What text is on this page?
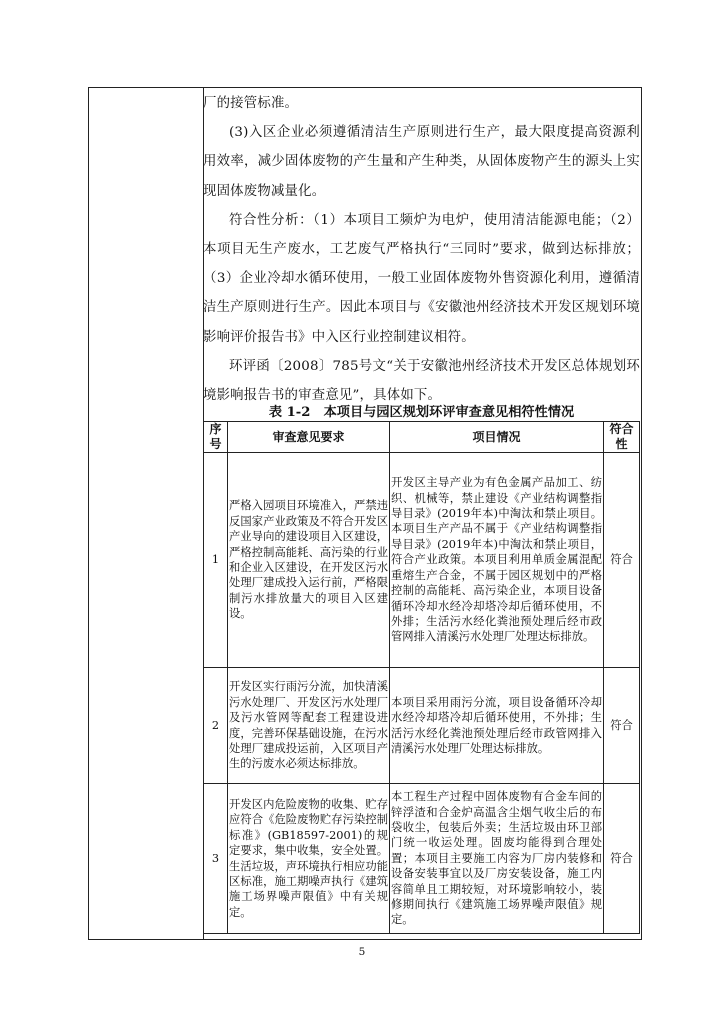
厂的接管标准。

(3)入区企业必须遵循清洁生产原则进行生产，最大限度提高资源利用效率，减少固体废物的产生量和产生种类，从固体废物产生的源头上实现固体废物减量化。

符合性分析：（1）本项目工频炉为电炉，使用清洁能源电能；（2）本项目无生产废水，工艺废气严格执行“三同时”要求，做到达标排放；（3）企业冷却水循环使用，一般工业固体废物外售资源化利用，遵循清洁生产原则进行生产。因此本项目与《安徽池州经济技术开发区规划环境影响评价报告书》中入区行业控制建议相符。

环评函〔2008〕785号文“关于安徽池州经济技术开发区总体规划环境影响报告书的审查意见”，具体如下。

表 1-2　本项目与园区规划环评审查意见相符性情况
序号	审查意见要求	项目情况	符合性
1	严格入园项目环境准入，严禁违反国家产业政策及不符合开发区产业导向的建设项目入区建设，严格控制高能耗、高污染的行业和企业入区建设，在开发区污水处理厂建成投入运行前，严格限制污水排放量大的项目入区建设。	开发区主导产业为有色金属产品加工、纺织、机械等，禁止建设《产业结构调整指导目录》(2019年本)中淘汰和禁止项目。本项目生产产品不属于《产业结构调整指导目录》(2019年本)中淘汰和禁止项目，符合产业政策。本项目利用单质金属混配重熔生产合金，不属于园区规划中的严格控制的高能耗、高污染企业，本项目设备循环冷却水经冷却塔冷却后循环使用，不外排；生活污水经化粪池预处理后经市政管网排入清溪污水处理厂处理达标排放。	符合
2	开发区实行雨污分流，加快清溪污水处理厂、开发区污水处理厂及污水管网等配套工程建设进度，完善环保基础设施，在污水处理厂建成投运前，入区项目产生的污废水必须达标排放。	本项目采用雨污分流，项目设备循环冷却水经冷却塔冷却后循环使用，不外排；生活污水经化粪池预处理后经市政管网排入清溪污水处理厂处理达标排放。	符合
3	开发区内危险废物的收集、贮存应符合《危险废物贮存污染控制标准》(GB18597-2001)的规定要求，集中收集，安全处置。生活垃圾，声环境执行相应功能区标准，施工期噪声执行《建筑施工场界噪声限值》中有关规定。	本工程生产过程中固体废物有合金车间的锌浮渣和合金炉高温含尘烟气收尘后的布袋收尘，包装后外卖；生活垃圾由环卫部门统一收运处理。固废均能得到合理处置；本项目主要施工内容为厂房内装修和设备安装事宜以及厂房安装设备，施工内容简单且工期较短，对环境影响较小，装修期间执行《建筑施工场界噪声限值》规定。	符合
5
